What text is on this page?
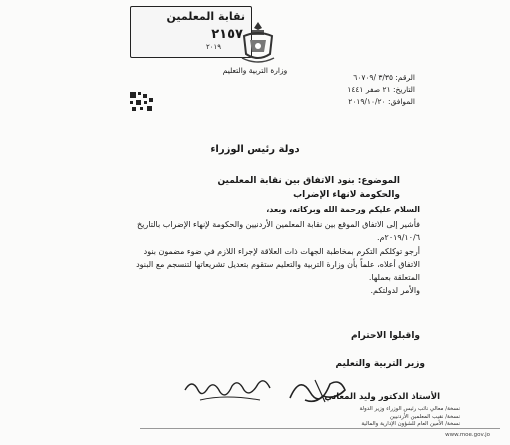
نقابة المعلمين
٢١٥٧
٢٠١٩
وزارة التربية والتعليم
الرقم: ٣/٣٥ /٦٠٧٠٩
التاريخ: ٢١ صفر ١٤٤١
الموافق: ٢٠١٩/١٠/٢٠
دولة رئيس الوزراء
الموضوع: بنود الاتفاق بين نقابة المعلمين
والحكومة لانهاء الإضراب

السلام عليكم ورحمة الله وبركاته، وبعد،

فأشير إلى الاتفاق الموقع بين نقابة المعلمين الأردنيين والحكومة لإنهاء الإضراب بالتاريخ ٢٠١٩/١٠/٦م.

أرجو توكلكم التكرم بمخاطبة الجهات ذات العلاقة لإجراء اللازم في ضوء مضمون بنود الاتفاق أعلاه، علماً بأن وزارة التربية والتعليم ستقوم بتعديل تشريعاتها لتنسجم مع البنود المتعلقة بعملها.

والأمر لدولتكم.

واقبلوا الاحترام
وزير التربية والتعليم
الأستاذ الدكتور وليد المعاني
نسخة/ معالي نائب رئيس الوزراء وزير الدولة
نسخة/ نقيب المعلمين الأردنيين
نسخة/ الأمين العام للشؤون الإدارية والمالية
www.moe.gov.jo
